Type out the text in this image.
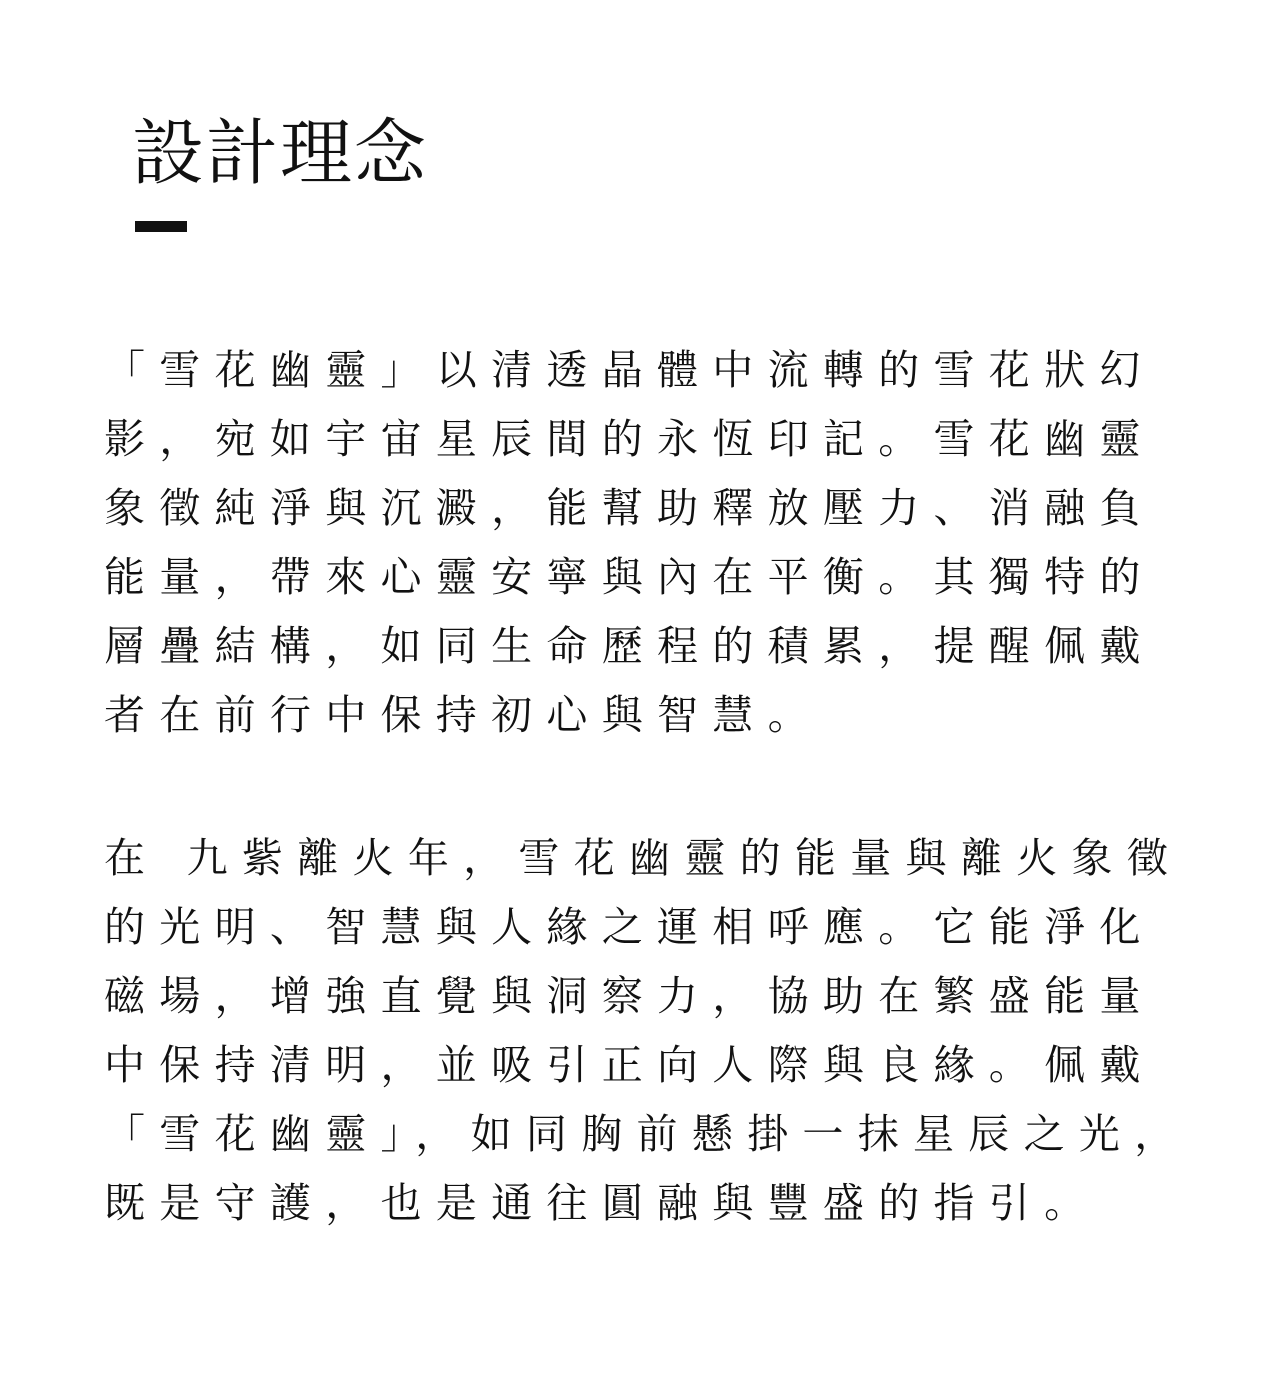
設計理念
「雪花幽靈」以清透晶體中流轉的雪花狀幻
影，宛如宇宙星辰間的永恆印記。雪花幽靈
象徵純淨與沉澱，能幫助釋放壓力、消融負
能量，帶來心靈安寧與內在平衡。其獨特的
層疊結構，如同生命歷程的積累，提醒佩戴
者在前行中保持初心與智慧。
在 九紫離火年，雪花幽靈的能量與離火象徵
的光明、智慧與人緣之運相呼應。它能淨化
磁場，增強直覺與洞察力，協助在繁盛能量
中保持清明，並吸引正向人際與良緣。佩戴
「雪花幽靈」，如同胸前懸掛一抹星辰之光，
既是守護，也是通往圓融與豐盛的指引。
